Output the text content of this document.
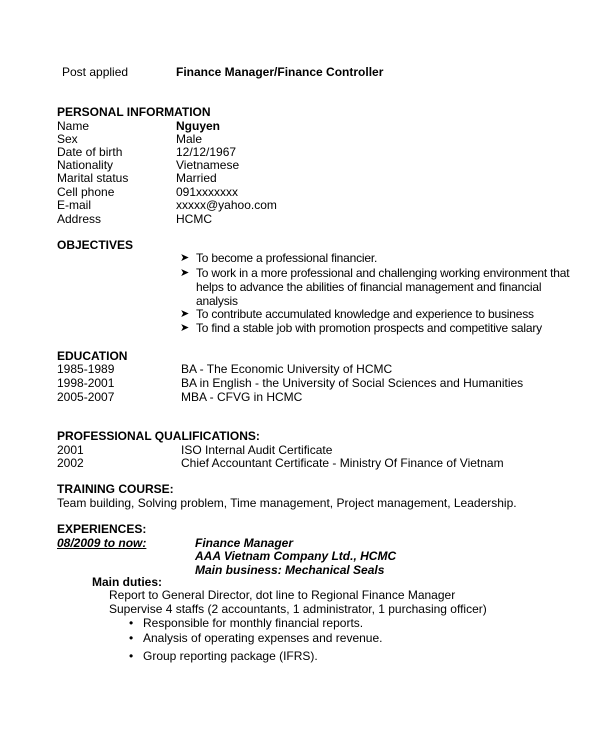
Post applied	Finance Manager/Finance Controller
PERSONAL INFORMATION
Name	Nguyen
Sex	Male
Date of birth	12/12/1967
Nationality	Vietnamese
Marital status	Married
Cell phone	091xxxxxxx
E-mail	xxxxx@yahoo.com
Address	HCMC
OBJECTIVES
➤ To become a professional financier.
➤ To work in a more professional and challenging working environment that
helps to advance the abilities of financial management and financial
analysis
➤ To contribute accumulated knowledge and experience to business
➤ To find a stable job with promotion prospects and competitive salary
EDUCATION
1985-1989	BA - The Economic University of HCMC
1998-2001	BA in English - the University of Social Sciences and Humanities
2005-2007	MBA - CFVG in HCMC
PROFESSIONAL QUALIFICATIONS:
2001	ISO Internal Audit Certificate
2002	Chief Accountant Certificate - Ministry Of Finance of Vietnam
TRAINING COURSE:
Team building, Solving problem, Time management, Project management, Leadership.
EXPERIENCES:
08/2009 to now:	Finance Manager
AAA Vietnam Company Ltd., HCMC
Main business: Mechanical Seals
Main duties:
Report to General Director, dot line to Regional Finance Manager
Supervise 4 staffs (2 accountants, 1 administrator, 1 purchasing officer)
• Responsible for monthly financial reports.
• Analysis of operating expenses and revenue.
• Group reporting package (IFRS).
